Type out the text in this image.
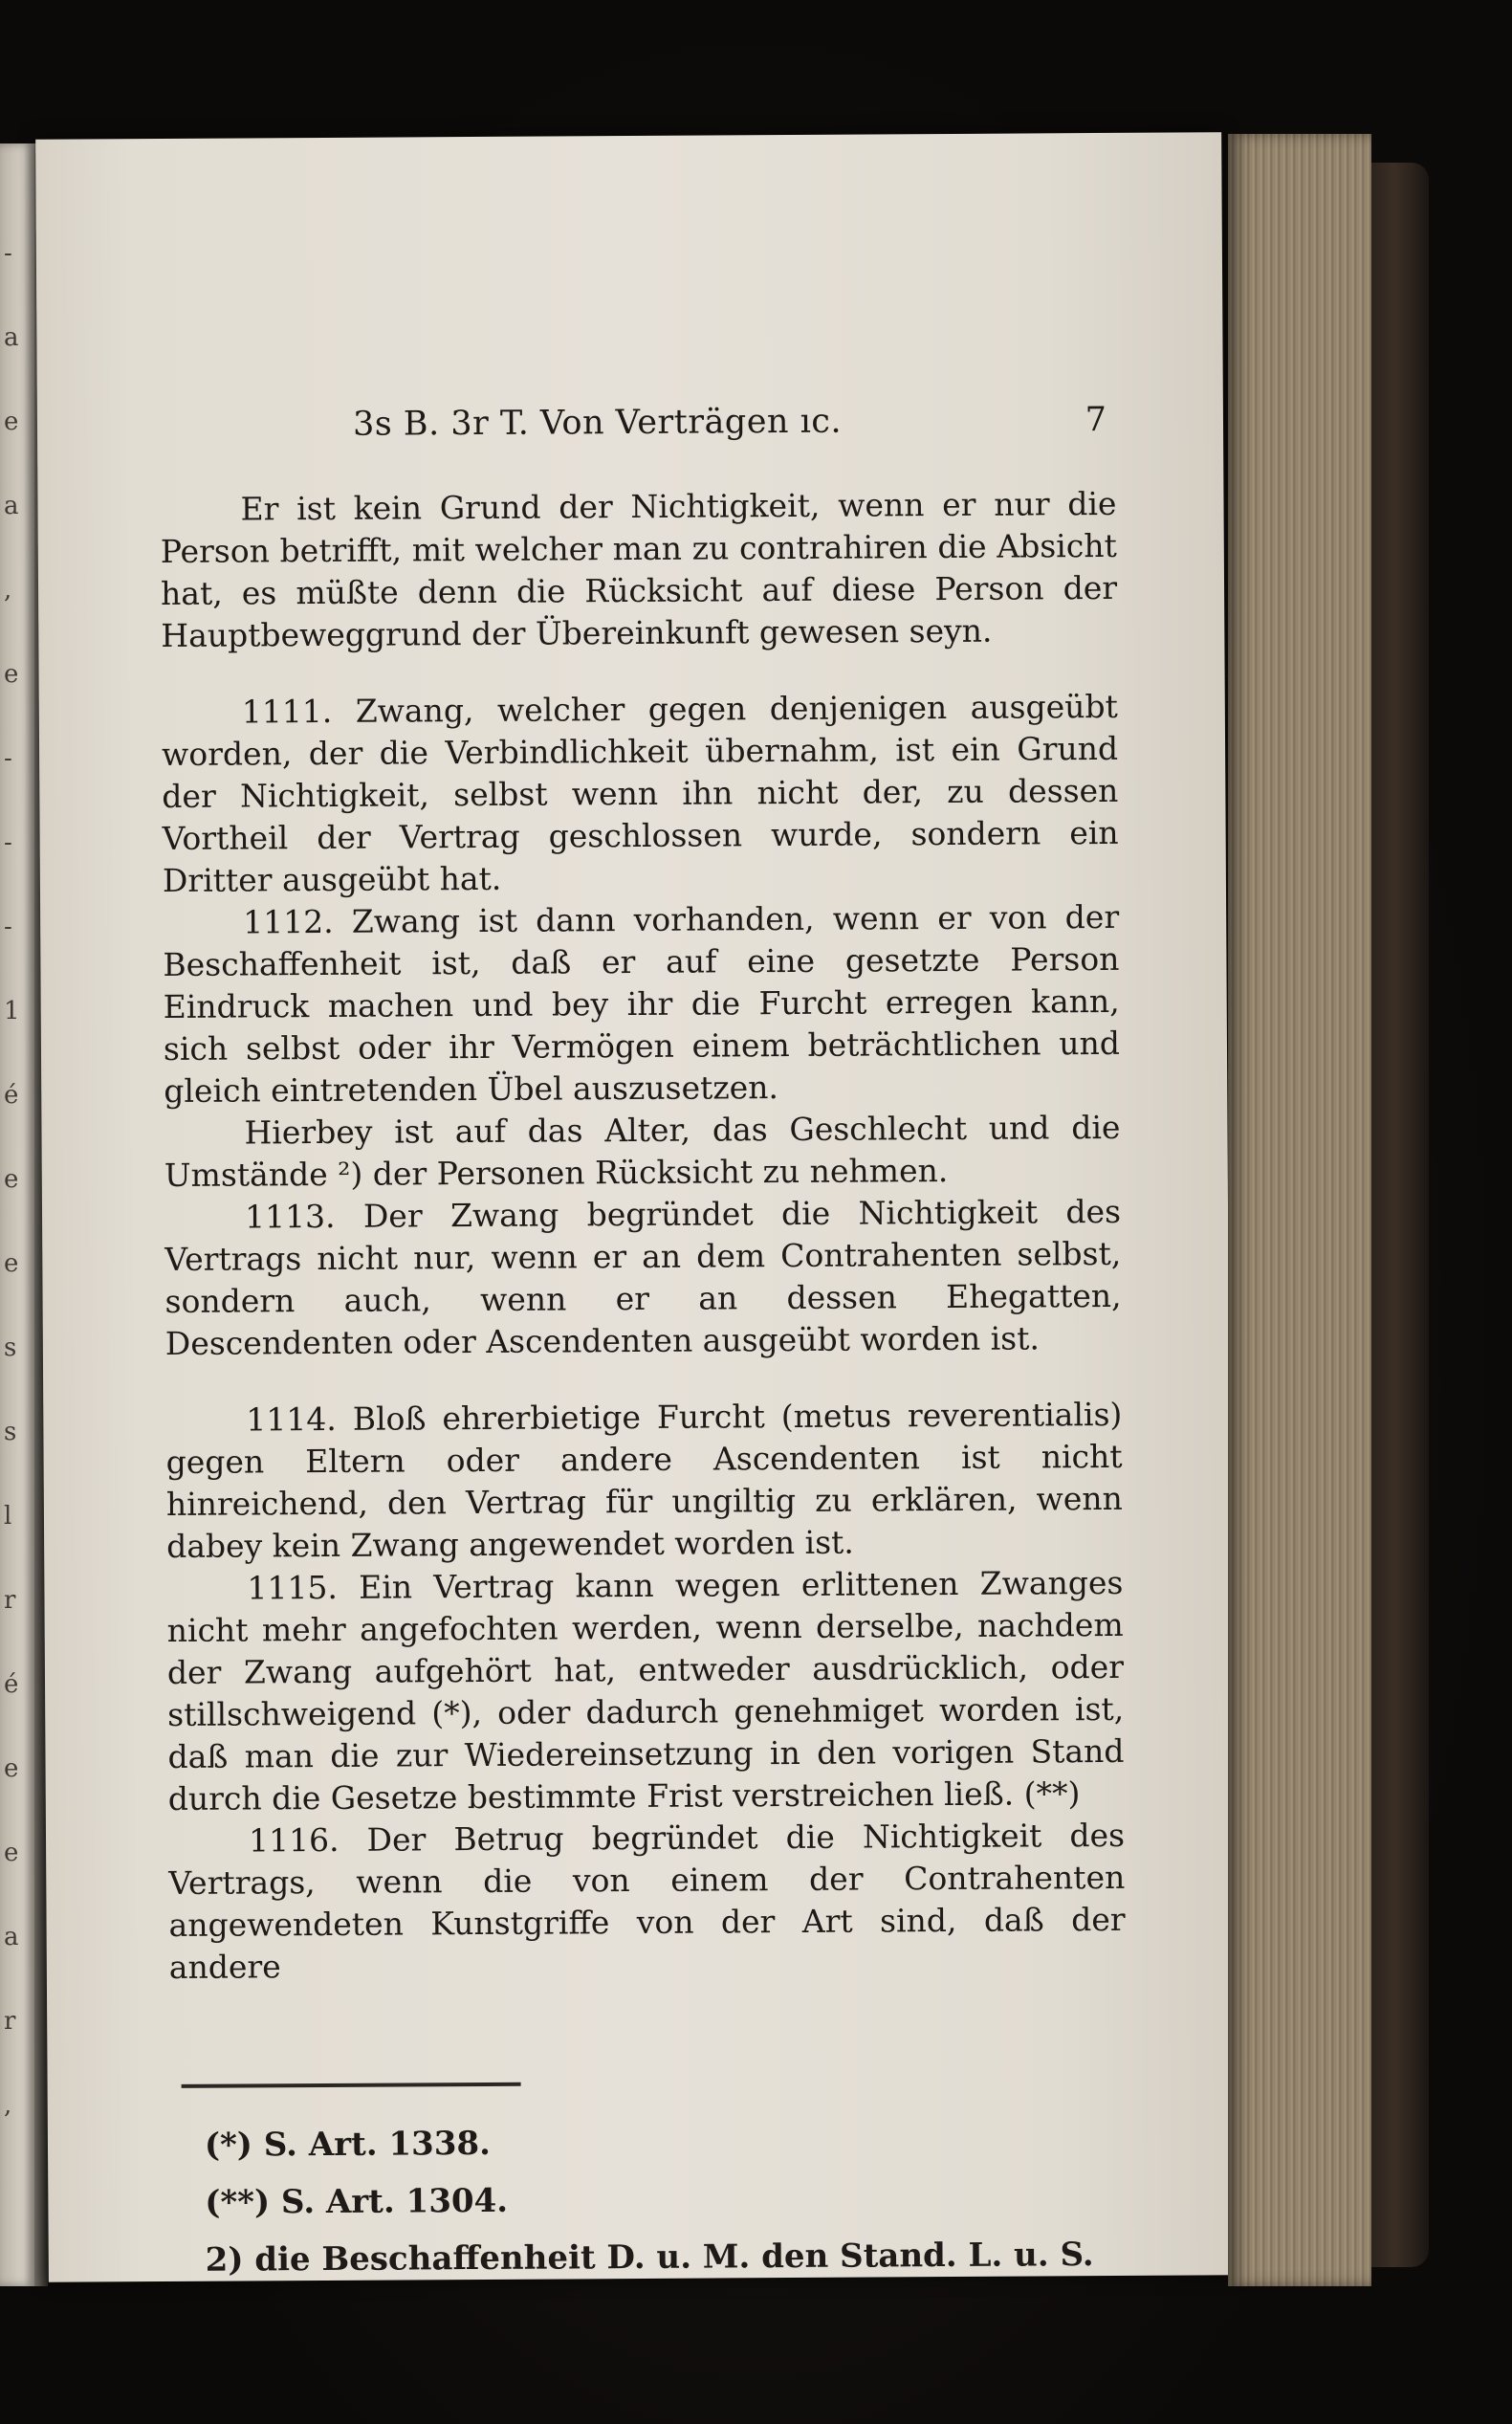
-
a
e
a
,
e
-
-
-
1
é
e
e
s
s
l
r
é
e
e
a
r
,
3s B. 3r T. Von Verträgen ıc.	7

Er ist kein Grund der Nichtigkeit, wenn er nur die Person betrifft, mit welcher man zu contrahiren die Absicht hat, es müßte denn die Rücksicht auf diese Person der Hauptbeweggrund der Übereinkunft gewesen seyn.

1111. Zwang, welcher gegen denjenigen ausgeübt worden, der die Verbindlichkeit übernahm, ist ein Grund der Nichtigkeit, selbst wenn ihn nicht der, zu dessen Vortheil der Vertrag geschlossen wurde, sondern ein Dritter ausgeübt hat.

1112. Zwang ist dann vorhanden, wenn er von der Beschaffenheit ist, daß er auf eine gesetzte Person Eindruck machen und bey ihr die Furcht erregen kann, sich selbst oder ihr Vermögen einem beträchtlichen und gleich eintretenden Übel auszusetzen.

Hierbey ist auf das Alter, das Geschlecht und die Umstände ²) der Personen Rücksicht zu nehmen.

1113. Der Zwang begründet die Nichtigkeit des Vertrags nicht nur, wenn er an dem Contrahenten selbst, sondern auch, wenn er an dessen Ehegatten, Descendenten oder Ascendenten ausgeübt worden ist.

1114. Bloß ehrerbietige Furcht (metus reverentialis) gegen Eltern oder andere Ascendenten ist nicht hinreichend, den Vertrag für ungiltig zu erklären, wenn dabey kein Zwang angewendet worden ist.

1115. Ein Vertrag kann wegen erlittenen Zwanges nicht mehr angefochten werden, wenn derselbe, nachdem der Zwang aufgehört hat, entweder ausdrücklich, oder stillschweigend (*), oder dadurch genehmiget worden ist, daß man die zur Wiedereinsetzung in den vorigen Stand durch die Gesetze bestimmte Frist verstreichen ließ. (**)

1116. Der Betrug begründet die Nichtigkeit des Vertrags, wenn die von einem der Contrahenten angewendeten Kunstgriffe von der Art sind, daß der andere

(*) S. Art. 1338.

(**) S. Art. 1304.

2) die Beschaffenheit D. u. M. den Stand. L. u. S.
